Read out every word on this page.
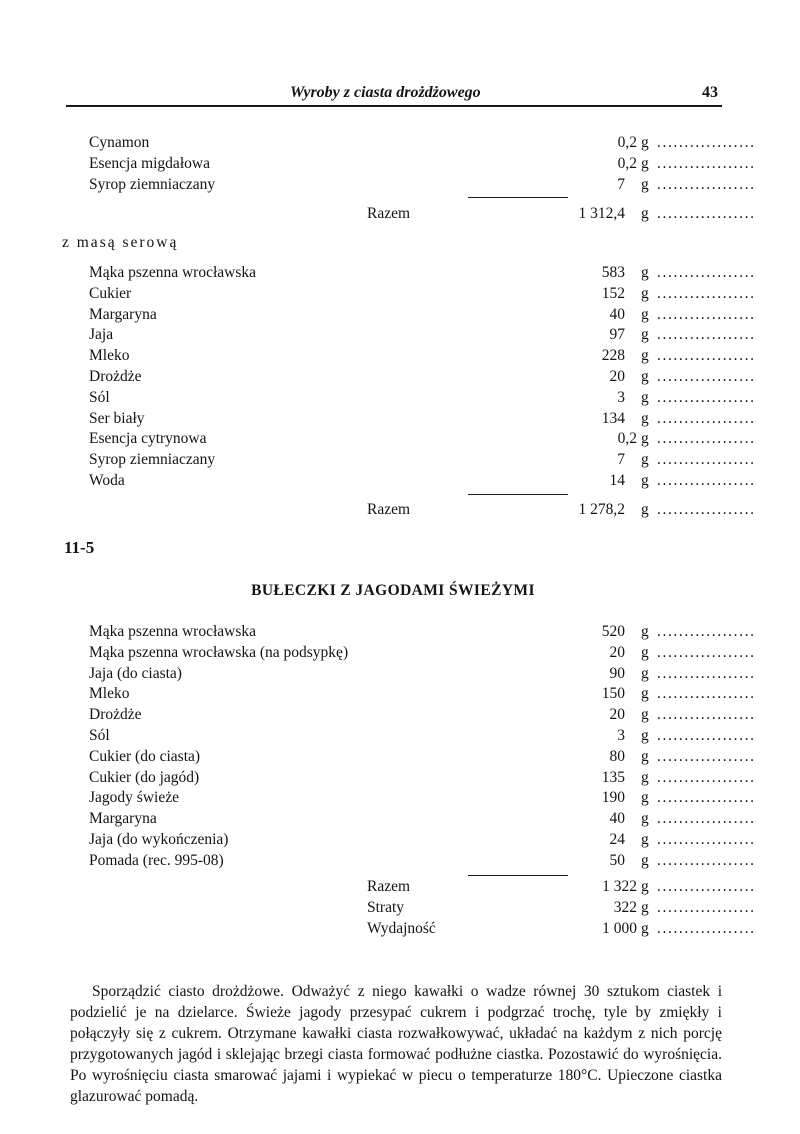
Wyroby z ciasta drożdżowego	43
Cynamon	0,2 g ..................
Esencja migdałowa	0,2 g ..................
Syrop ziemniaczany	7 g ..................
Razem	1 312,4 g ..................
z masą serową
Mąka pszenna wrocławska	583 g ..................
Cukier	152 g ..................
Margaryna	40 g ..................
Jaja	97 g ..................
Mleko	228 g ..................
Drożdże	20 g ..................
Sól	3 g ..................
Ser biały	134 g ..................
Esencja cytrynowa	0,2 g ..................
Syrop ziemniaczany	7 g ..................
Woda	14 g ..................
Razem	1 278,2 g ..................
11-5
BUŁECZKI Z JAGODAMI ŚWIEŻYMI
Mąka pszenna wrocławska	520 g ..................
Mąka pszenna wrocławska (na podsypkę)	20 g ..................
Jaja (do ciasta)	90 g ..................
Mleko	150 g ..................
Drożdże	20 g ..................
Sól	3 g ..................
Cukier (do ciasta)	80 g ..................
Cukier (do jagód)	135 g ..................
Jagody świeże	190 g ..................
Margaryna	40 g ..................
Jaja (do wykończenia)	24 g ..................
Pomada (rec. 995-08)	50 g ..................
Razem	1 322 g ..................
Straty	322 g ..................
Wydajność	1 000 g ..................

Sporządzić ciasto drożdżowe. Odważyć z niego kawałki o wadze równej 30 sztukom ciastek i podzielić je na dzielarce. Świeże jagody przesypać cukrem i podgrzać trochę, tyle by zmiękły i połączyły się z cukrem. Otrzymane kawałki ciasta rozwałkowywać, układać na każdym z nich porcję przygotowanych jagód i sklejając brzegi ciasta formować podłużne ciastka. Pozostawić do wyrośnięcia. Po wyrośnięciu ciasta smarować jajami i wypiekać w piecu o temperaturze 180°C. Upieczone ciastka glazurować pomadą.
